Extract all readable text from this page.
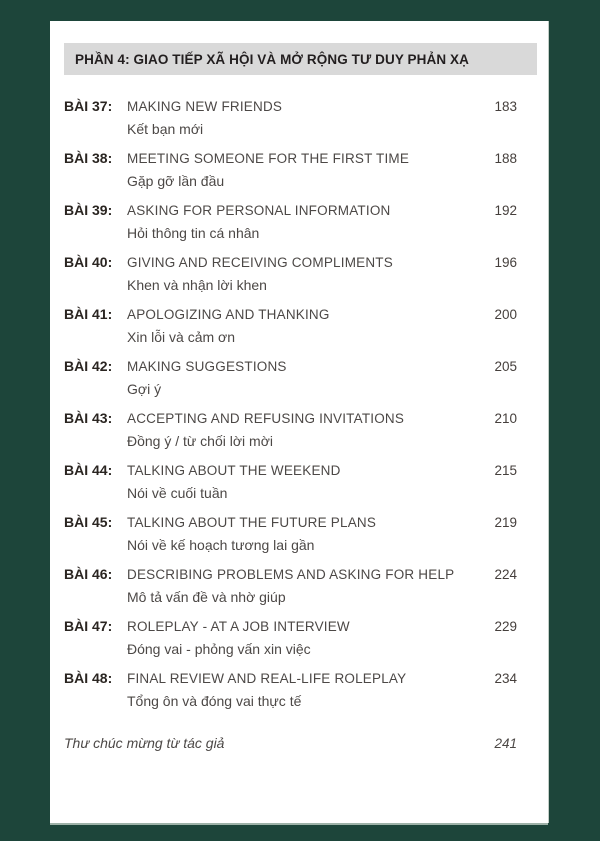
PHẦN 4: GIAO TIẾP XÃ HỘI VÀ MỞ RỘNG TƯ DUY PHẢN XẠ
BÀI 37:	MAKING NEW FRIENDS	183
Kết bạn mới
BÀI 38:	MEETING SOMEONE FOR THE FIRST TIME	188
Gặp gỡ lần đầu
BÀI 39:	ASKING FOR PERSONAL INFORMATION	192
Hỏi thông tin cá nhân
BÀI 40:	GIVING AND RECEIVING COMPLIMENTS	196
Khen và nhận lời khen
BÀI 41:	APOLOGIZING AND THANKING	200
Xin lỗi và cảm ơn
BÀI 42:	MAKING SUGGESTIONS	205
Gợi ý
BÀI 43:	ACCEPTING AND REFUSING INVITATIONS	210
Đồng ý / từ chối lời mời
BÀI 44:	TALKING ABOUT THE WEEKEND	215
Nói về cuối tuần
BÀI 45:	TALKING ABOUT THE FUTURE PLANS	219
Nói về kế hoạch tương lai gần
BÀI 46:	DESCRIBING PROBLEMS AND ASKING FOR HELP	224
Mô tả vấn đề và nhờ giúp
BÀI 47:	ROLEPLAY - AT A JOB INTERVIEW	229
Đóng vai - phỏng vấn xin việc
BÀI 48:	FINAL REVIEW AND REAL-LIFE ROLEPLAY	234
Tổng ôn và đóng vai thực tế
Thư chúc mừng từ tác giả	241
